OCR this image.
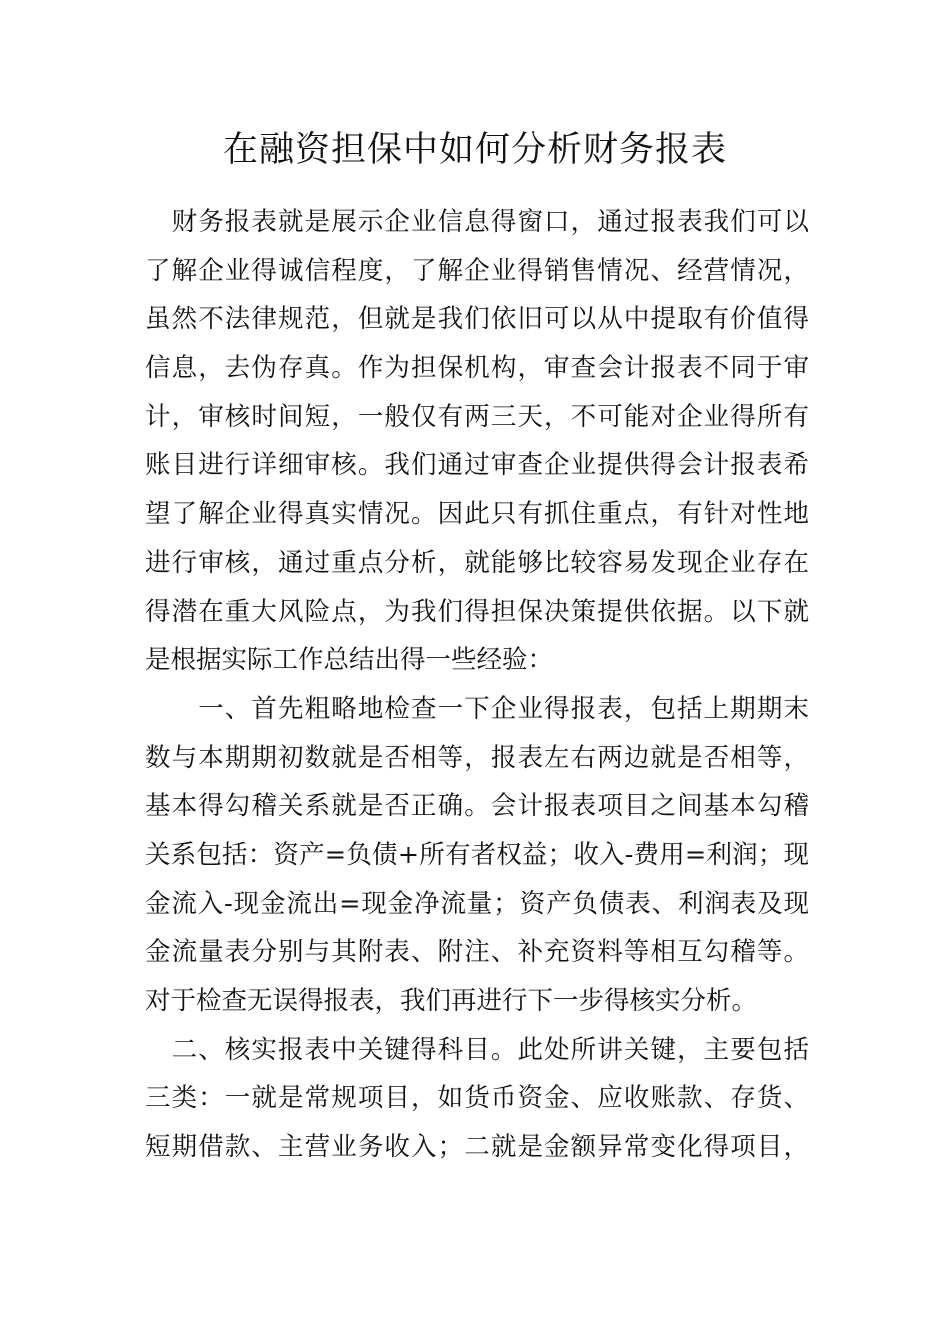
在融资担保中如何分析财务报表
　财务报表就是展示企业信息得窗口，通过报表我们可以
了解企业得诚信程度，了解企业得销售情况、经营情况，
虽然不法律规范，但就是我们依旧可以从中提取有价值得
信息，去伪存真。作为担保机构，审查会计报表不同于审
计，审核时间短，一般仅有两三天，不可能对企业得所有
账目进行详细审核。我们通过审查企业提供得会计报表希
望了解企业得真实情况。因此只有抓住重点，有针对性地
进行审核，通过重点分析，就能够比较容易发现企业存在
得潜在重大风险点，为我们得担保决策提供依据。以下就
是根据实际工作总结出得一些经验：
　　一、首先粗略地检查一下企业得报表，包括上期期末
数与本期期初数就是否相等，报表左右两边就是否相等，
基本得勾稽关系就是否正确。会计报表项目之间基本勾稽
关系包括：资产=负债+所有者权益；收入-费用=利润；现
金流入-现金流出=现金净流量；资产负债表、利润表及现
金流量表分别与其附表、附注、补充资料等相互勾稽等。
对于检查无误得报表，我们再进行下一步得核实分析。
　二、核实报表中关键得科目。此处所讲关键，主要包括
三类：一就是常规项目，如货币资金、应收账款、存货、
短期借款、主营业务收入；二就是金额异常变化得项目，
